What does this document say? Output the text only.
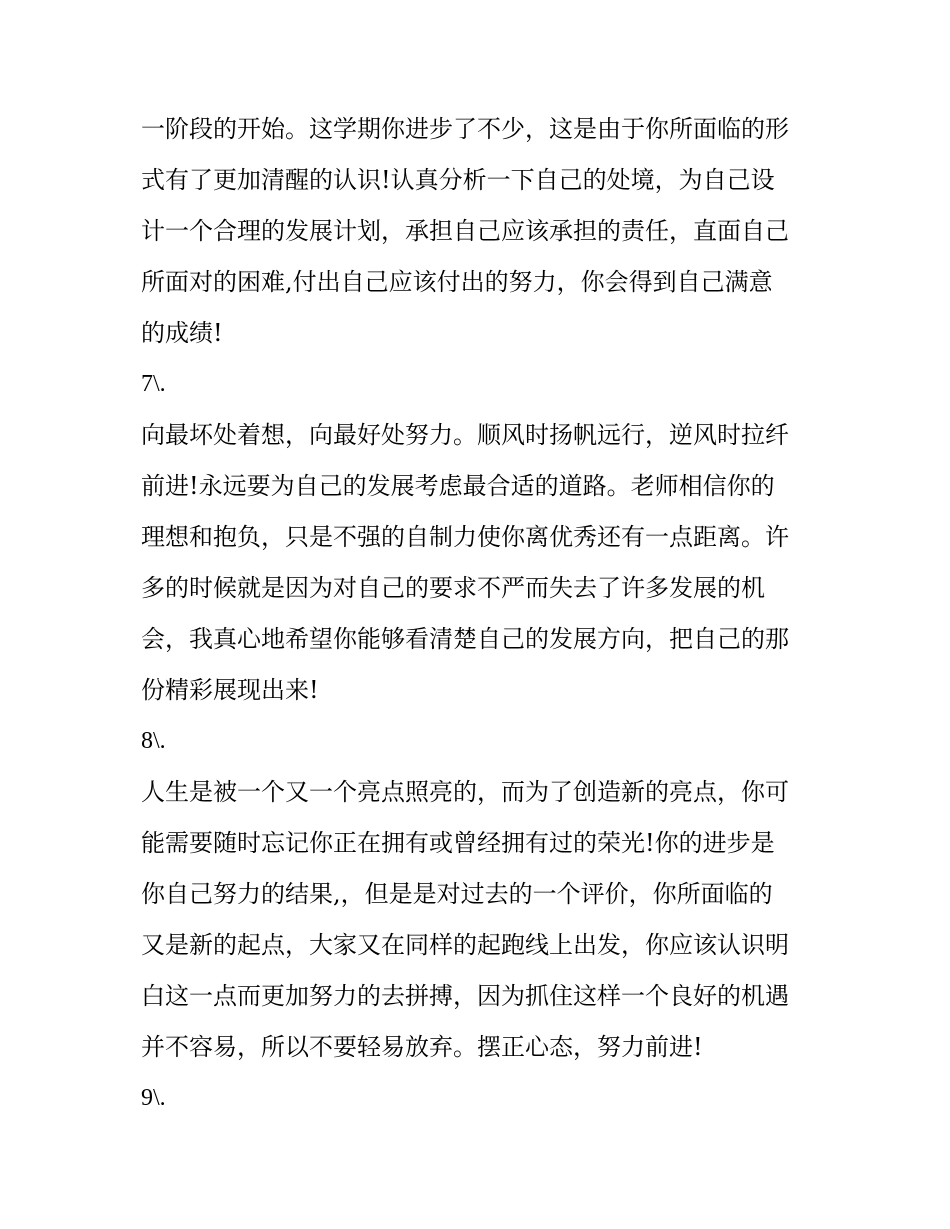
一阶段的开始。这学期你进步了不少，这是由于你所面临的形
式有了更加清醒的认识!认真分析一下自己的处境，为自己设
计一个合理的发展计划，承担自己应该承担的责任，直面自己
所面对的困难,付出自己应该付出的努力，你会得到自己满意
的成绩!
7\.
向最坏处着想，向最好处努力。顺风时扬帆远行，逆风时拉纤
前进!永远要为自己的发展考虑最合适的道路。老师相信你的
理想和抱负，只是不强的自制力使你离优秀还有一点距离。许
多的时候就是因为对自己的要求不严而失去了许多发展的机
会，我真心地希望你能够看清楚自己的发展方向，把自己的那
份精彩展现出来!
8\.
人生是被一个又一个亮点照亮的，而为了创造新的亮点，你可
能需要随时忘记你正在拥有或曾经拥有过的荣光!你的进步是
你自己努力的结果,，但是是对过去的一个评价，你所面临的
又是新的起点，大家又在同样的起跑线上出发，你应该认识明
白这一点而更加努力的去拼搏，因为抓住这样一个良好的机遇
并不容易，所以不要轻易放弃。摆正心态，努力前进!
9\.
